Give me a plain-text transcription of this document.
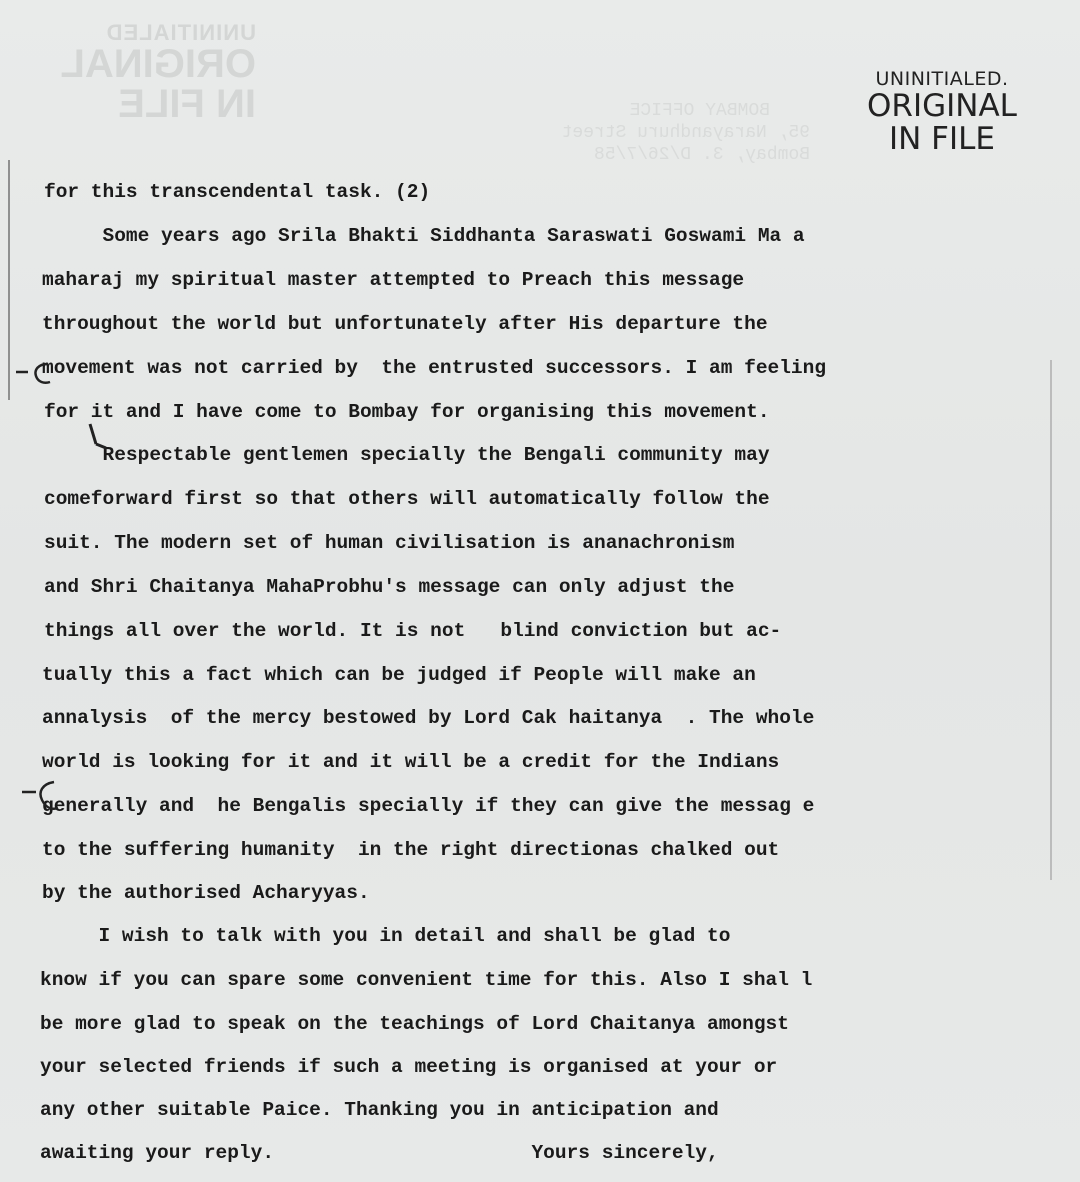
UNINITIALED
ORIGINAL
IN FILE	BOMBAY OFFICE
95, Narayandhuru Street
Bombay, 3. D/26/7/58
UNINITIALED.
ORIGINAL
IN FILE
for this transcendental task. (2)
Some years ago Srila Bhakti Siddhanta Saraswati Goswami Ma a
maharaj my spiritual master attempted to Preach this message
throughout the world but unfortunately after His departure the
movement was not carried by  the entrusted successors. I am feeling
for it and I have come to Bombay for organising this movement.
Respectable gentlemen specially the Bengali community may
comeforward first so that others will automatically follow the
suit. The modern set of human civilisation is ananachronism
and Shri Chaitanya MahaProbhu's message can only adjust the
things all over the world. It is not   blind conviction but ac-
tually this a fact which can be judged if People will make an
annalysis  of the mercy bestowed by Lord Cak haitanya  . The whole
world is looking for it and it will be a credit for the Indians
generally and  he Bengalis specially if they can give the messag e
to the suffering humanity  in the right directionas chalked out
by the authorised Acharyyas.
I wish to talk with you in detail and shall be glad to
know if you can spare some convenient time for this. Also I shal l
be more glad to speak on the teachings of Lord Chaitanya amongst
your selected friends if such a meeting is organised at your or
any other suitable Paice. Thanking you in anticipation and
awaiting your reply.                      Yours sincerely,
